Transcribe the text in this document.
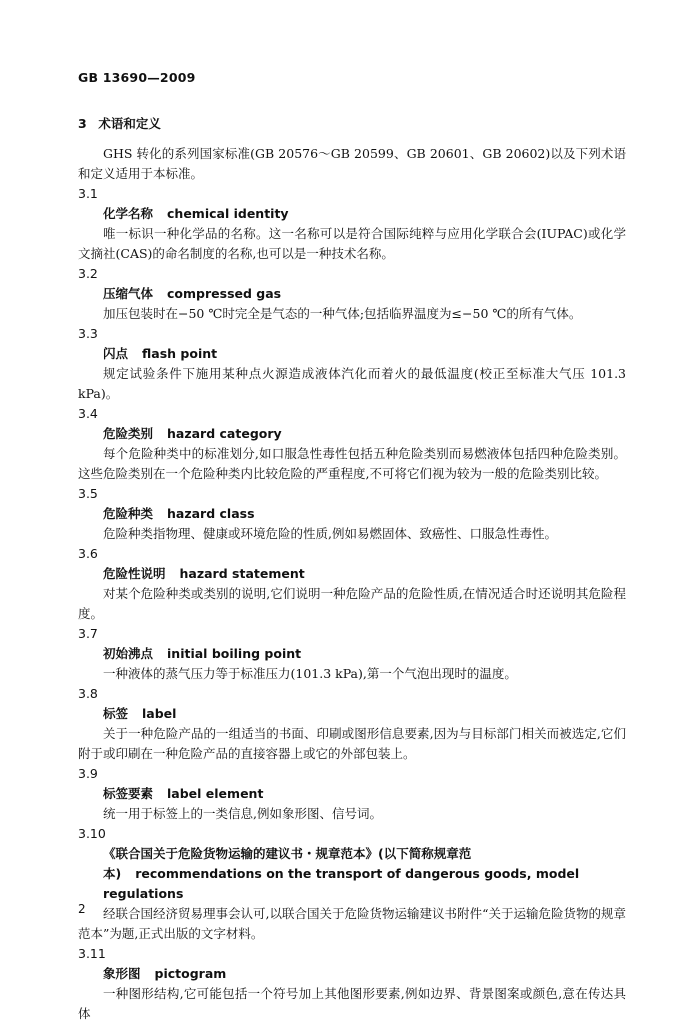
GB 13690—2009
3 术语和定义

GHS 转化的系列国家标准(GB 20576～GB 20599、GB 20601、GB 20602)以及下列术语和定义适用于本标准。

3.1

化学名称 chemical identity

唯一标识一种化学品的名称。这一名称可以是符合国际纯粹与应用化学联合会(IUPAC)或化学文摘社(CAS)的命名制度的名称,也可以是一种技术名称。

3.2

压缩气体 compressed gas

加压包装时在−50 ℃时完全是气态的一种气体;包括临界温度为≤−50 ℃的所有气体。

3.3

闪点 flash point

规定试验条件下施用某种点火源造成液体汽化而着火的最低温度(校正至标准大气压 101.3 kPa)。

3.4

危险类别 hazard category

每个危险种类中的标准划分,如口服急性毒性包括五种危险类别而易燃液体包括四种危险类别。这些危险类别在一个危险种类内比较危险的严重程度,不可将它们视为较为一般的危险类别比较。

3.5

危险种类 hazard class

危险种类指物理、健康或环境危险的性质,例如易燃固体、致癌性、口服急性毒性。

3.6

危险性说明 hazard statement

对某个危险种类或类别的说明,它们说明一种危险产品的危险性质,在情况适合时还说明其危险程度。

3.7

初始沸点 initial boiling point

一种液体的蒸气压力等于标准压力(101.3 kPa),第一个气泡出现时的温度。

3.8

标签 label

关于一种危险产品的一组适当的书面、印刷或图形信息要素,因为与目标部门相关而被选定,它们附于或印刷在一种危险产品的直接容器上或它的外部包装上。

3.9

标签要素 label element

统一用于标签上的一类信息,例如象形图、信号词。

3.10

《联合国关于危险货物运输的建议书・规章范本》(以下简称规章范本) recommendations on the transport of dangerous goods, model regulations

经联合国经济贸易理事会认可,以联合国关于危险货物运输建议书附件“关于运输危险货物的规章范本”为题,正式出版的文字材料。

3.11

象形图 pictogram

一种图形结构,它可能包括一个符号加上其他图形要素,例如边界、背景图案或颜色,意在传达具体

2
